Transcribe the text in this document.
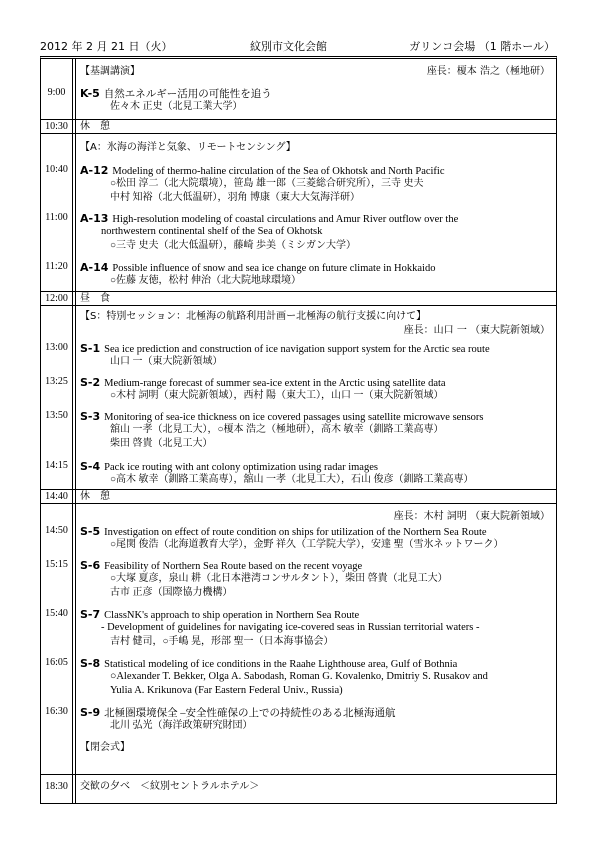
2012 年 2 月 21 日（火）	紋別市文化会館	ガリンコ会場 （1 階ホール）
【基調講演】	座長：榎本 浩之（極地研）
9:00	K-5 自然エネルギー活用の可能性を追う
佐々木 正史（北見工業大学）
10:30	休　憩
【A：氷海の海洋と気象、リモートセンシング】
10:40	A-12 Modeling of thermo-haline circulation of the Sea of Okhotsk and North Pacific
○松田 淳二（北大院環境），笹島 雄一郎（三菱総合研究所），三寺 史夫
中村 知裕（北大低温研），羽角 博康（東大大気海洋研）
11:00	A-13 High-resolution modeling of coastal circulations and Amur River outflow over the
northwestern continental shelf of the Sea of Okhotsk
○三寺 史夫（北大低温研），藤崎 歩美（ミシガン大学）
11:20	A-14 Possible influence of snow and sea ice change on future climate in Hokkaido
○佐藤 友徳，松村 伸治（北大院地球環境）
12:00	昼　食
【S：特別セッション：北極海の航路利用計画ー北極海の航行支援に向けて】
座長：山口 一 （東大院新領域）
13:00	S-1 Sea ice prediction and construction of ice navigation support system for the Arctic sea route
山口 一（東大院新領域）
13:25	S-2 Medium-range forecast of summer sea-ice extent in the Arctic using satellite data
○木村 詞明（東大院新領域），西村 陽（東大工），山口 一（東大院新領域）
13:50	S-3 Monitoring of sea-ice thickness on ice covered passages using satellite microwave sensors
舘山 一孝（北見工大），○榎本 浩之（極地研），高木 敏幸（釧路工業高専）
柴田 啓貴（北見工大）
14:15	S-4 Pack ice routing with ant colony optimization using radar images
○高木 敏幸（釧路工業高専），舘山 一孝（北見工大），石山 俊彦（釧路工業高専）
14:40	休　憩
座長：木村 詞明 （東大院新領域）
14:50	S-5 Investigation on effect of route condition on ships for utilization of the Northern Sea Route
○尾関 俊浩（北海道教育大学），金野 祥久（工学院大学），安達 聖（雪氷ネットワーク）
15:15	S-6 Feasibility of Northern Sea Route based on the recent voyage
○大塚 夏彦，泉山 耕（北日本港湾コンサルタント），柴田 啓貴（北見工大）
古市 正彦（国際協力機構）
15:40	S-7 ClassNK's approach to ship operation in Northern Sea Route
- Development of guidelines for navigating ice-covered seas in Russian territorial waters -
吉村 健司，○手嶋 晃，形部 聖一（日本海事協会）
16:05	S-8 Statistical modeling of ice conditions in the Raahe Lighthouse area, Gulf of Bothnia
○Alexander T. Bekker, Olga A. Sabodash, Roman G. Kovalenko, Dmitriy S. Rusakov and
Yulia A. Krikunova (Far Eastern Federal Univ., Russia)
16:30	S-9 北極圏環境保全 –安全性確保の上での持続性のある北極海通航
北川 弘光（海洋政策研究財団）
【閉会式】
18:30	交歓の夕べ　＜紋別セントラルホテル＞
